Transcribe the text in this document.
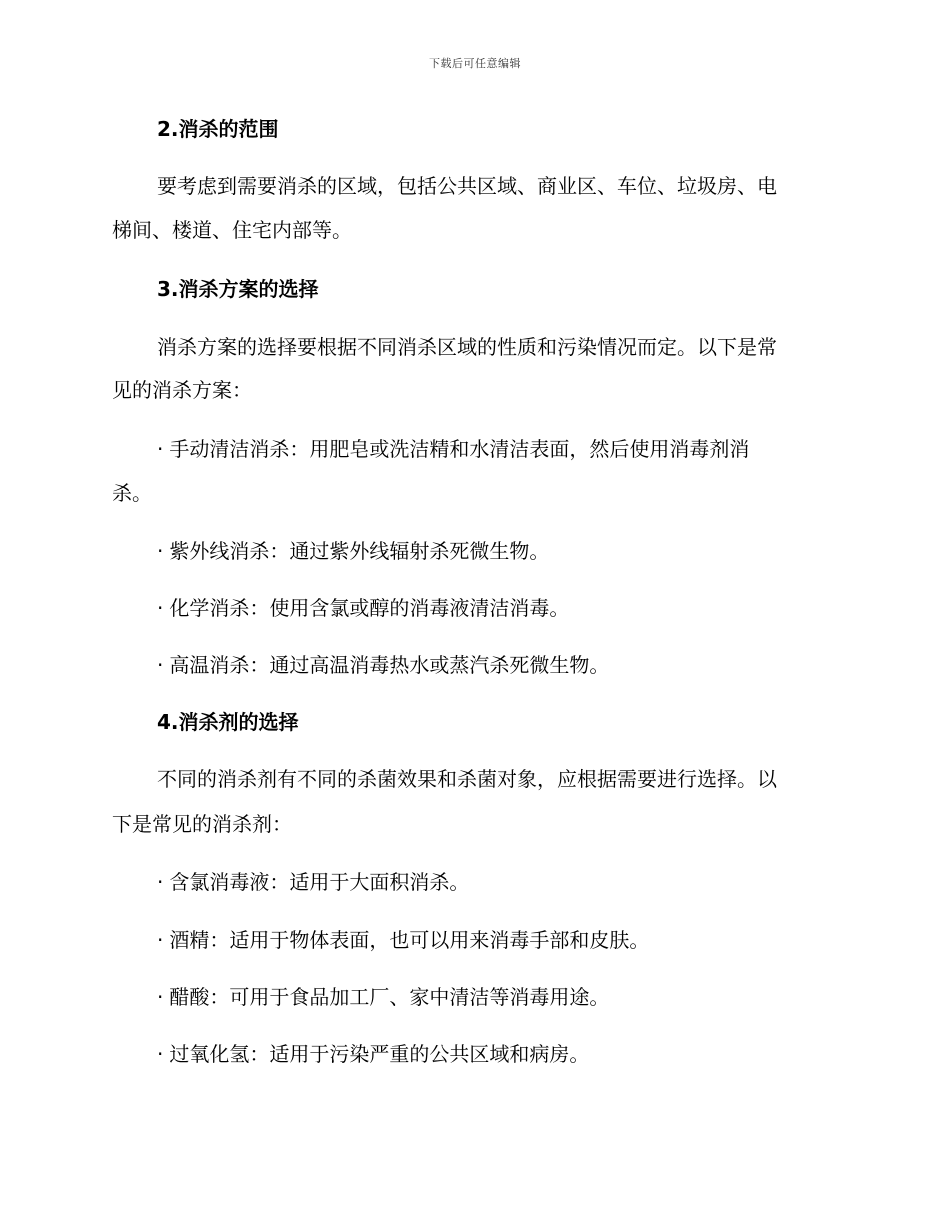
下载后可任意编辑
2.消杀的范围
要考虑到需要消杀的区域，包括公共区域、商业区、车位、垃圾房、电
梯间、楼道、住宅内部等。
3.消杀方案的选择
消杀方案的选择要根据不同消杀区域的性质和污染情况而定。以下是常
见的消杀方案：
· 手动清洁消杀：用肥皂或洗洁精和水清洁表面，然后使用消毒剂消
杀。
· 紫外线消杀：通过紫外线辐射杀死微生物。
· 化学消杀：使用含氯或醇的消毒液清洁消毒。
· 高温消杀：通过高温消毒热水或蒸汽杀死微生物。
4.消杀剂的选择
不同的消杀剂有不同的杀菌效果和杀菌对象，应根据需要进行选择。以
下是常见的消杀剂：
· 含氯消毒液：适用于大面积消杀。
· 酒精：适用于物体表面，也可以用来消毒手部和皮肤。
· 醋酸：可用于食品加工厂、家中清洁等消毒用途。
· 过氧化氢：适用于污染严重的公共区域和病房。
